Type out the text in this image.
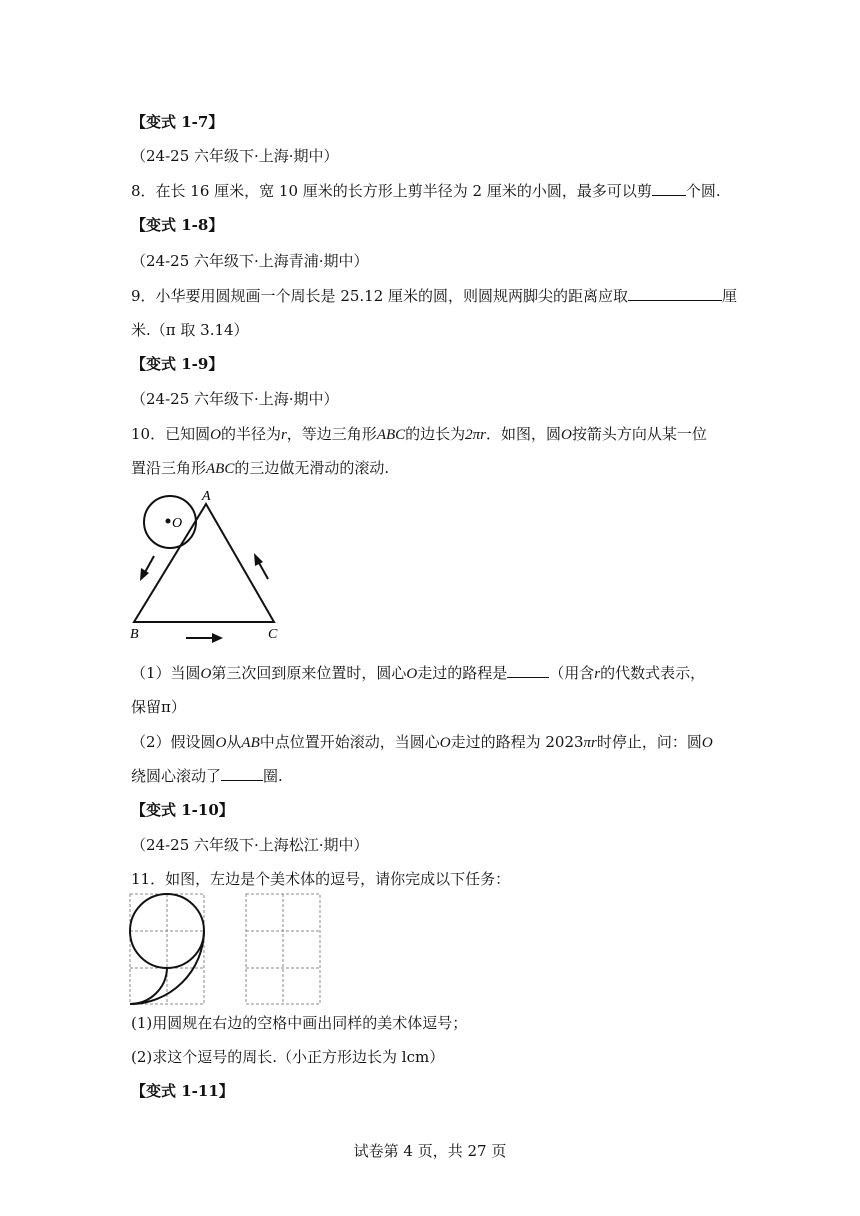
【变式 1-7】
（24-25 六年级下·上海·期中）
8．在长 16 厘米，宽 10 厘米的长方形上剪半径为 2 厘米的小圆，最多可以剪 个圆.
【变式 1-8】
（24-25 六年级下·上海青浦·期中）
9．小华要用圆规画一个周长是 25.12 厘米的圆，则圆规两脚尖的距离应取	厘
米.（π 取 3.14）
【变式 1-9】
（24-25 六年级下·上海·期中）
10．已知圆O的半径为r，等边三角形ABC的边长为2πr．如图，圆O按箭头方向从某一位
置沿三角形ABC的三边做无滑动的滚动.
O
A
B	C
（1）当圆O第三次回到原来位置时，圆心O走过的路程是	（用含r的代数式表示，
保留π）
（2）假设圆O从AB中点位置开始滚动，当圆心O走过的路程为 2023πr时停止，问：圆O
绕圆心滚动了	圈.
【变式 1-10】
（24-25 六年级下·上海松江·期中）
11．如图，左边是个美术体的逗号，请你完成以下任务：
(1)用圆规在右边的空格中画出同样的美术体逗号；
(2)求这个逗号的周长.（小正方形边长为 lcm）
【变式 1-11】
试卷第 4 页，共 27 页
